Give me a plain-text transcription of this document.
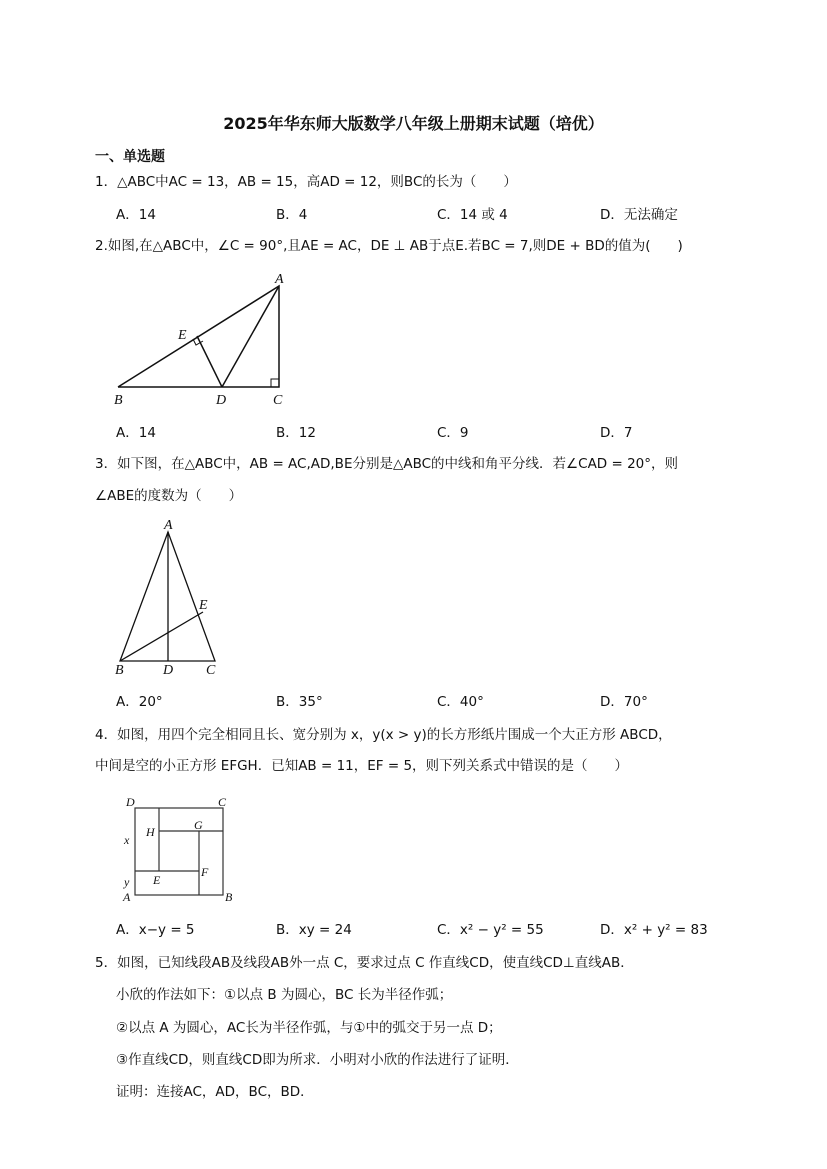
2025年华东师大版数学八年级上册期末试题（培优）
一、单选题
1．△ABC中AC = 13，AB = 15，高AD = 12，则BC的长为（　　）
A．14	B．4	C．14 或 4	D．无法确定
2.如图,在△ABC中，∠C = 90°,且AE = AC，DE ⊥ AB于点E.若BC = 7,则DE + BD的值为(　　)
A
E
B	D	C
A
E
B	D C
D	C
H	G
x
F
E
y
A	B
A．14	B．12	C．9	D．7
3．如下图，在△ABC中，AB = AC,AD,BE分别是△ABC的中线和角平分线．若∠CAD = 20°，则
∠ABE的度数为（　　）
A．20°	B．35°	C．40°	D．70°
4．如图，用四个完全相同且长、宽分别为 x，y(x > y)的长方形纸片围成一个大正方形 ABCD，
中间是空的小正方形 EFGH．已知AB = 11，EF = 5，则下列关系式中错误的是（　　）
A．x−y = 5	B．xy = 24	C．x² − y² = 55	D．x² + y² = 83
5．如图，已知线段AB及线段AB外一点 C，要求过点 C 作直线CD，使直线CD⊥直线AB．
小欣的作法如下：①以点 B 为圆心，BC 长为半径作弧；
②以点 A 为圆心，AC长为半径作弧，与①中的弧交于另一点 D；
③作直线CD，则直线CD即为所求．小明对小欣的作法进行了证明．
证明：连接AC，AD，BC，BD．
